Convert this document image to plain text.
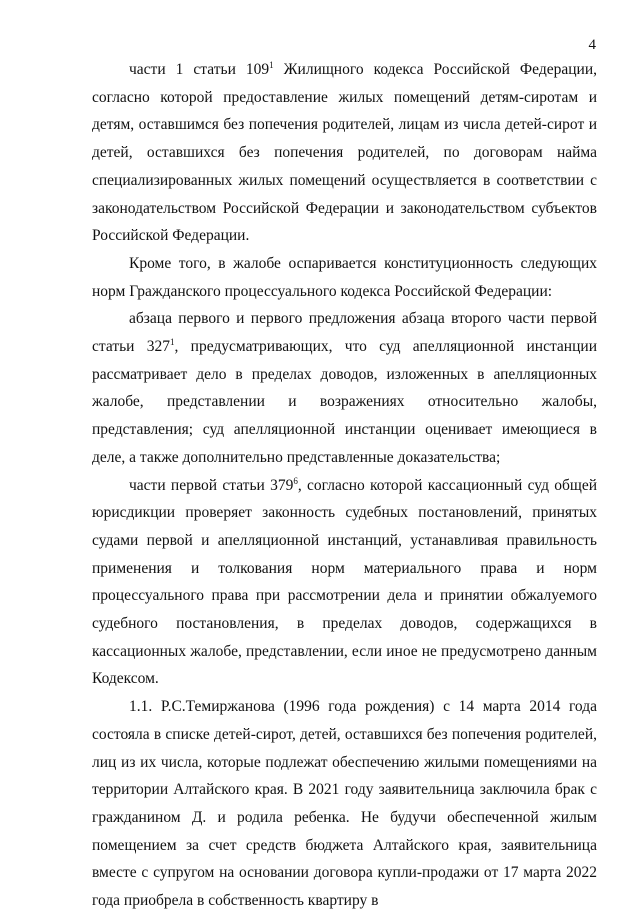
4

части 1 статьи $109^1$ Жилищного кодекса Российской Федерации, согласно которой предоставление жилых помещений детям-сиротам и детям, оставшимся без попечения родителей, лицам из числа детей-сирот и детей, оставшихся без попечения родителей, по договорам найма специализированных жилых помещений осуществляется в соответствии с законодательством Российской Федерации и законодательством субъектов Российской Федерации.

Кроме того, в жалобе оспаривается конституционность следующих норм Гражданского процессуального кодекса Российской Федерации:

абзаца первого и первого предложения абзаца второго части первой статьи $327^1$, предусматривающих, что суд апелляционной инстанции рассматривает дело в пределах доводов, изложенных в апелляционных жалобе, представлении и возражениях относительно жалобы, представления; суд апелляционной инстанции оценивает имеющиеся в деле, а также дополнительно представленные доказательства;

части первой статьи $379^6$, согласно которой кассационный суд общей юрисдикции проверяет законность судебных постановлений, принятых судами первой и апелляционной инстанций, устанавливая правильность применения и толкования норм материального права и норм процессуального права при рассмотрении дела и принятии обжалуемого судебного постановления, в пределах доводов, содержащихся в кассационных жалобе, представлении, если иное не предусмотрено данным Кодексом.

1.1. Р.С.Темиржанова (1996 года рождения) с 14 марта 2014 года состояла в списке детей-сирот, детей, оставшихся без попечения родителей, лиц из их числа, которые подлежат обеспечению жилыми помещениями на территории Алтайского края. В 2021 году заявительница заключила брак с гражданином Д. и родила ребенка. Не будучи обеспеченной жилым помещением за счет средств бюджета Алтайского края, заявительница вместе с супругом на основании договора купли-продажи от 17 марта 2022 года приобрела в собственность квартиру в
